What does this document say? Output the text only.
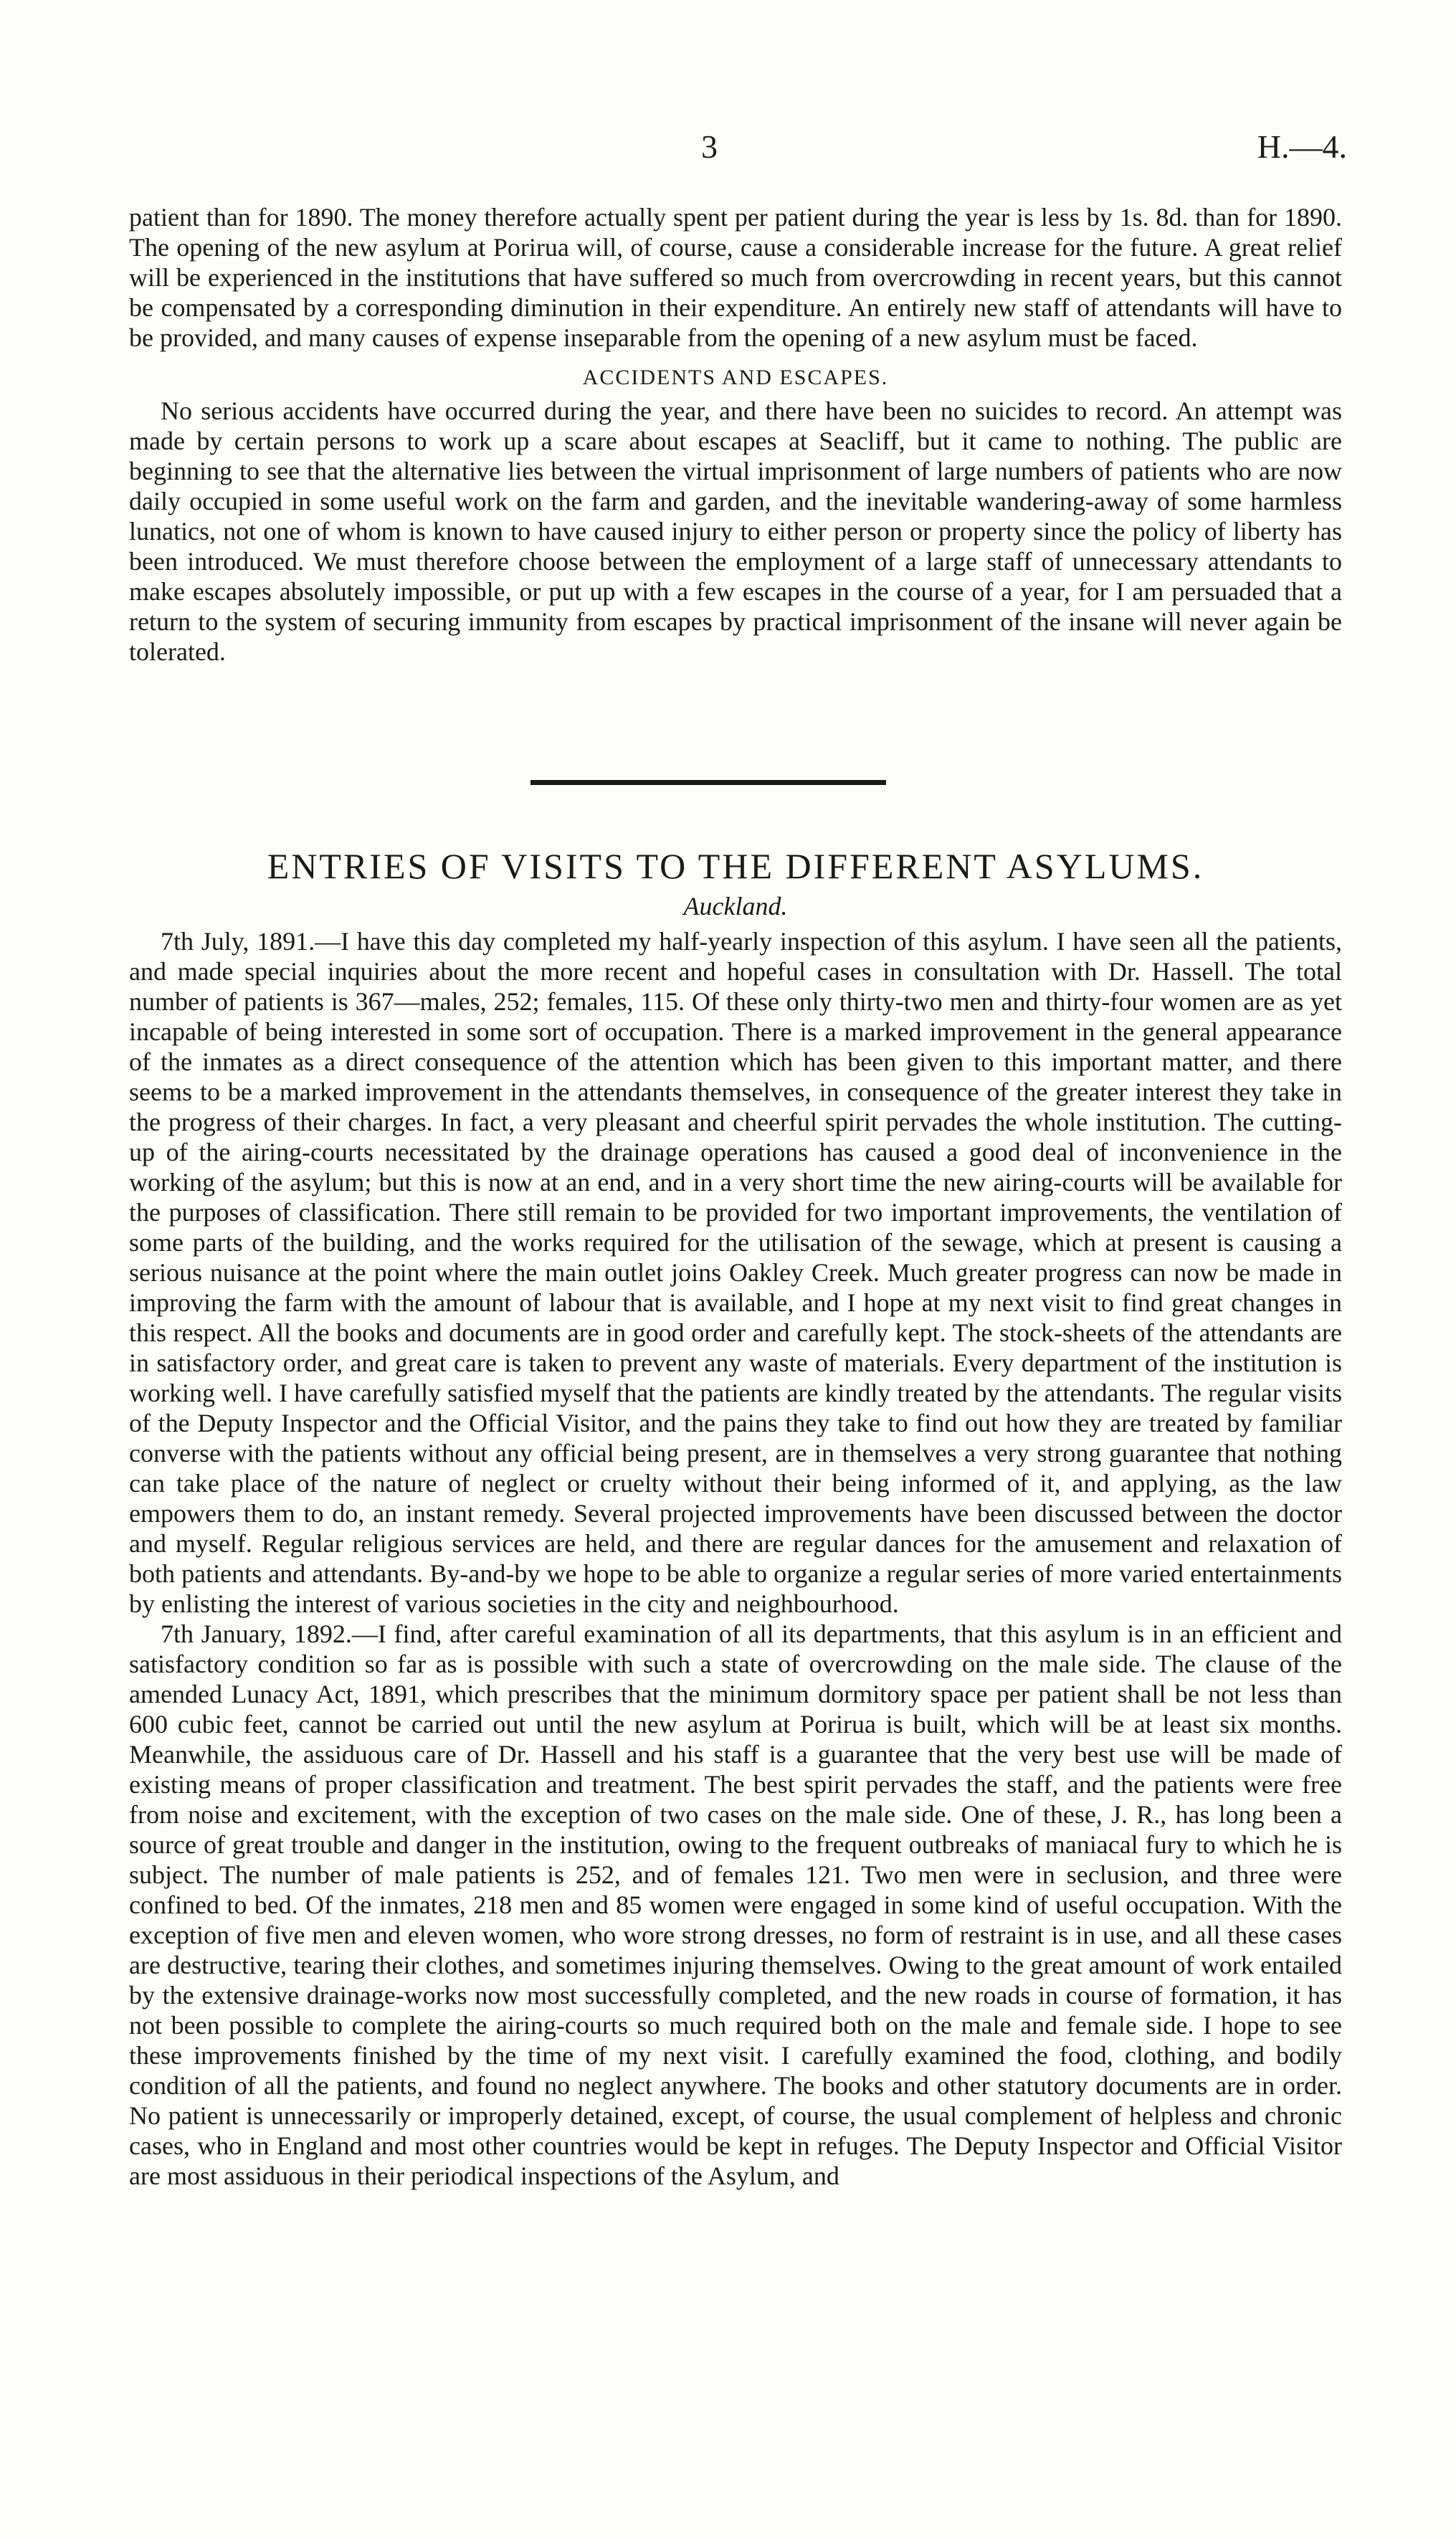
3	H.—4.

patient than for 1890. The money therefore actually spent per patient during the year is less by 1s. 8d. than for 1890. The opening of the new asylum at Porirua will, of course, cause a considerable increase for the future. A great relief will be experienced in the institutions that have suffered so much from overcrowding in recent years, but this cannot be compensated by a corresponding diminution in their expenditure. An entirely new staff of attendants will have to be provided, and many causes of expense inseparable from the opening of a new asylum must be faced.

ACCIDENTS AND ESCAPES.

No serious accidents have occurred during the year, and there have been no suicides to record. An attempt was made by certain persons to work up a scare about escapes at Seacliff, but it came to nothing. The public are beginning to see that the alternative lies between the virtual imprisonment of large numbers of patients who are now daily occupied in some useful work on the farm and garden, and the inevitable wandering-away of some harmless lunatics, not one of whom is known to have caused injury to either person or property since the policy of liberty has been introduced. We must therefore choose between the employment of a large staff of unnecessary attendants to make escapes absolutely impossible, or put up with a few escapes in the course of a year, for I am persuaded that a return to the system of securing immunity from escapes by practical imprisonment of the insane will never again be tolerated.

ENTRIES OF VISITS TO THE DIFFERENT ASYLUMS.
Auckland.

7th July, 1891.—I have this day completed my half-yearly inspection of this asylum. I have seen all the patients, and made special inquiries about the more recent and hopeful cases in consultation with Dr. Hassell. The total number of patients is 367—males, 252; females, 115. Of these only thirty-two men and thirty-four women are as yet incapable of being interested in some sort of occupation. There is a marked improvement in the general appearance of the inmates as a direct consequence of the attention which has been given to this important matter, and there seems to be a marked improvement in the attendants themselves, in consequence of the greater interest they take in the progress of their charges. In fact, a very pleasant and cheerful spirit pervades the whole institution. The cutting-up of the airing-courts necessitated by the drainage operations has caused a good deal of inconvenience in the working of the asylum; but this is now at an end, and in a very short time the new airing-courts will be available for the purposes of classification. There still remain to be provided for two important improvements, the ventilation of some parts of the building, and the works required for the utilisation of the sewage, which at present is causing a serious nuisance at the point where the main outlet joins Oakley Creek. Much greater progress can now be made in improving the farm with the amount of labour that is available, and I hope at my next visit to find great changes in this respect. All the books and documents are in good order and carefully kept. The stock-sheets of the attendants are in satisfactory order, and great care is taken to prevent any waste of materials. Every department of the institution is working well. I have carefully satisfied myself that the patients are kindly treated by the attendants. The regular visits of the Deputy Inspector and the Official Visitor, and the pains they take to find out how they are treated by familiar converse with the patients without any official being present, are in themselves a very strong guarantee that nothing can take place of the nature of neglect or cruelty without their being informed of it, and applying, as the law empowers them to do, an instant remedy. Several projected improvements have been discussed between the doctor and myself. Regular religious services are held, and there are regular dances for the amusement and relaxation of both patients and attendants. By-and-by we hope to be able to organize a regular series of more varied entertainments by enlisting the interest of various societies in the city and neighbourhood.

7th January, 1892.—I find, after careful examination of all its departments, that this asylum is in an efficient and satisfactory condition so far as is possible with such a state of overcrowding on the male side. The clause of the amended Lunacy Act, 1891, which prescribes that the minimum dormitory space per patient shall be not less than 600 cubic feet, cannot be carried out until the new asylum at Porirua is built, which will be at least six months. Meanwhile, the assiduous care of Dr. Hassell and his staff is a guarantee that the very best use will be made of existing means of proper classification and treatment. The best spirit pervades the staff, and the patients were free from noise and excitement, with the exception of two cases on the male side. One of these, J. R., has long been a source of great trouble and danger in the institution, owing to the frequent outbreaks of maniacal fury to which he is subject. The number of male patients is 252, and of females 121. Two men were in seclusion, and three were confined to bed. Of the inmates, 218 men and 85 women were engaged in some kind of useful occupation. With the exception of five men and eleven women, who wore strong dresses, no form of restraint is in use, and all these cases are destructive, tearing their clothes, and sometimes injuring themselves. Owing to the great amount of work entailed by the extensive drainage-works now most successfully completed, and the new roads in course of formation, it has not been possible to complete the airing-courts so much required both on the male and female side. I hope to see these improvements finished by the time of my next visit. I carefully examined the food, clothing, and bodily condition of all the patients, and found no neglect anywhere. The books and other statutory documents are in order. No patient is unnecessarily or improperly detained, except, of course, the usual complement of helpless and chronic cases, who in England and most other countries would be kept in refuges. The Deputy Inspector and Official Visitor are most assiduous in their periodical inspections of the Asylum, and
